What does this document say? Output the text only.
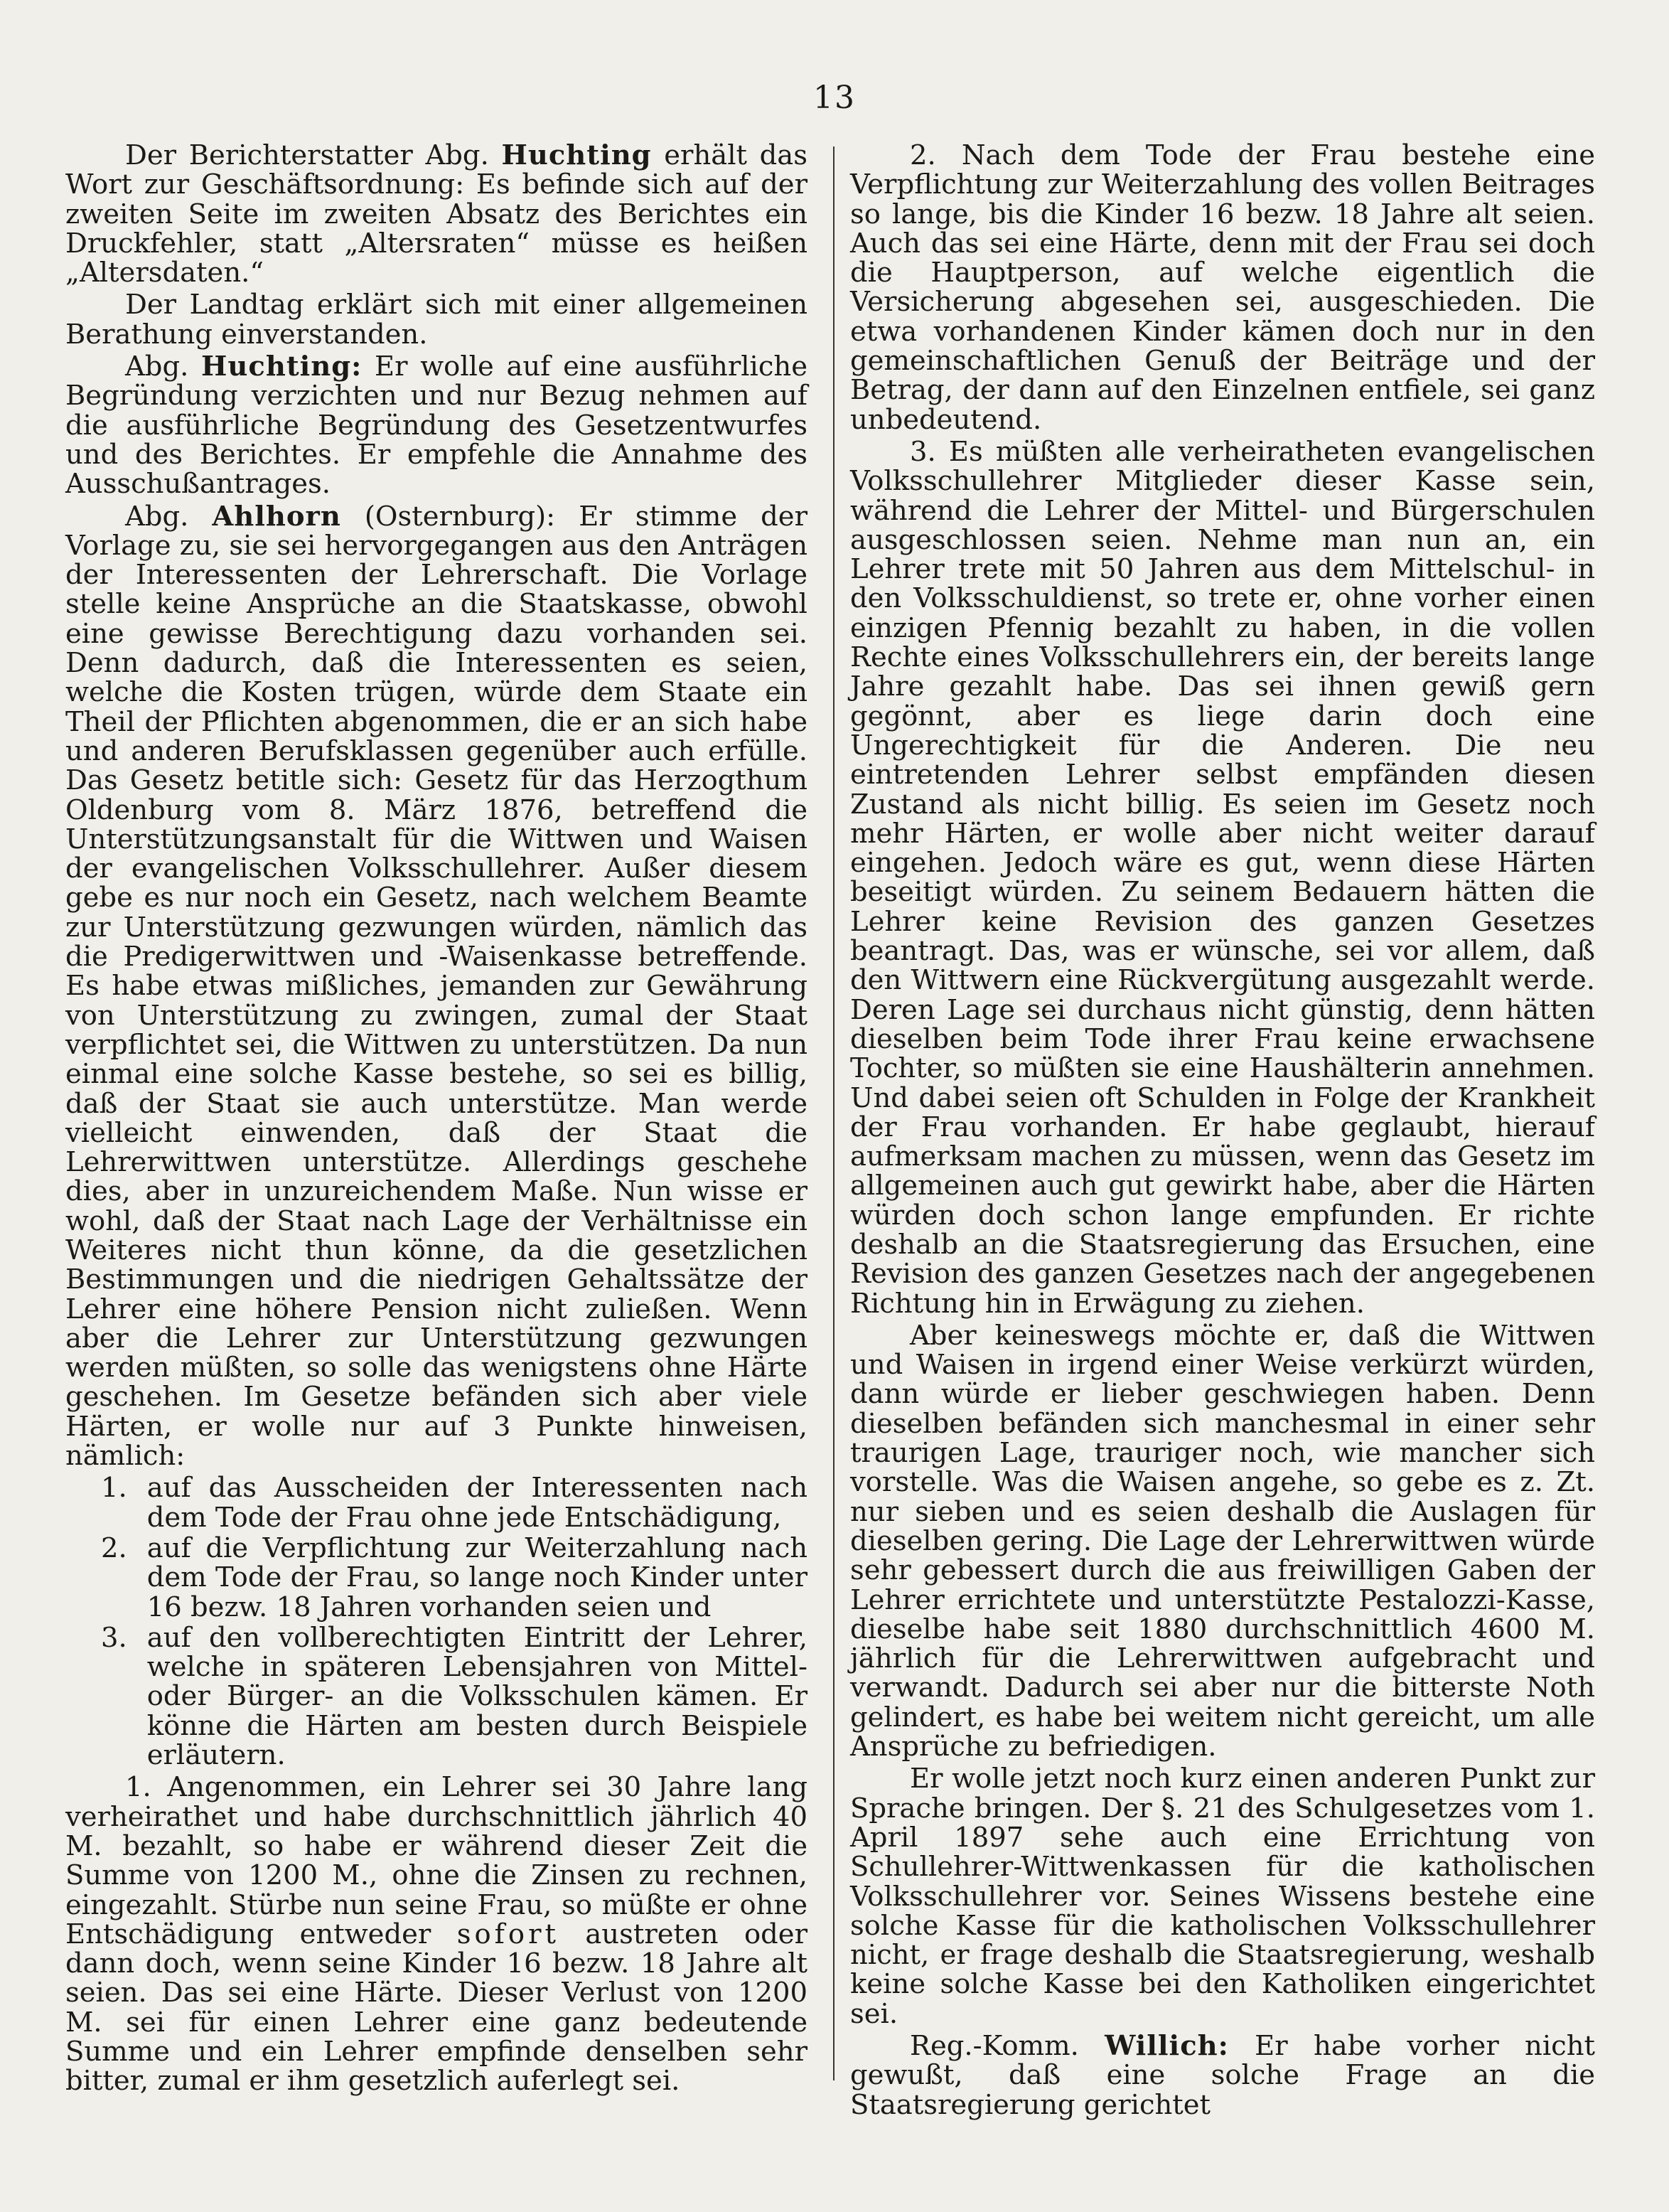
13

Der Berichterstatter Abg. Huchting erhält das Wort zur Geschäftsordnung: Es befinde sich auf der zweiten Seite im zweiten Absatz des Berichtes ein Druckfehler, statt „Altersraten“ müsse es heißen „Altersdaten.“

Der Landtag erklärt sich mit einer allgemeinen Berathung einverstanden.

Abg. Huchting: Er wolle auf eine ausführliche Begründung verzichten und nur Bezug nehmen auf die ausführliche Begründung des Gesetzentwurfes und des Berichtes. Er empfehle die Annahme des Ausschußantrages.

Abg. Ahlhorn (Osternburg): Er stimme der Vorlage zu, sie sei hervorgegangen aus den Anträgen der Interessenten der Lehrerschaft. Die Vorlage stelle keine Ansprüche an die Staatskasse, obwohl eine gewisse Berechtigung dazu vorhanden sei. Denn dadurch, daß die Interessenten es seien, welche die Kosten trügen, würde dem Staate ein Theil der Pflichten abgenommen, die er an sich habe und anderen Berufsklassen gegenüber auch erfülle. Das Gesetz betitle sich: Gesetz für das Herzogthum Oldenburg vom 8. März 1876, betreffend die Unterstützungsanstalt für die Wittwen und Waisen der evangelischen Volksschullehrer. Außer diesem gebe es nur noch ein Gesetz, nach welchem Beamte zur Unterstützung gezwungen würden, nämlich das die Predigerwittwen und -Waisenkasse betreffende. Es habe etwas mißliches, jemanden zur Gewährung von Unterstützung zu zwingen, zumal der Staat verpflichtet sei, die Wittwen zu unterstützen. Da nun einmal eine solche Kasse bestehe, so sei es billig, daß der Staat sie auch unterstütze. Man werde vielleicht einwenden, daß der Staat die Lehrerwittwen unterstütze. Allerdings geschehe dies, aber in unzureichendem Maße. Nun wisse er wohl, daß der Staat nach Lage der Verhältnisse ein Weiteres nicht thun könne, da die gesetzlichen Bestimmungen und die niedrigen Gehaltssätze der Lehrer eine höhere Pension nicht zuließen. Wenn aber die Lehrer zur Unterstützung gezwungen werden müßten, so solle das wenigstens ohne Härte geschehen. Im Gesetze befänden sich aber viele Härten, er wolle nur auf 3 Punkte hinweisen, nämlich:

1. auf das Ausscheiden der Interessenten nach dem Tode der Frau ohne jede Entschädigung,
2. auf die Verpflichtung zur Weiterzahlung nach dem Tode der Frau, so lange noch Kinder unter 16 bezw. 18 Jahren vorhanden seien und
3. auf den vollberechtigten Eintritt der Lehrer, welche in späteren Lebensjahren von Mittel- oder Bürger- an die Volksschulen kämen. Er könne die Härten am besten durch Beispiele erläutern.

1. Angenommen, ein Lehrer sei 30 Jahre lang verheirathet und habe durchschnittlich jährlich 40 M. bezahlt, so habe er während dieser Zeit die Summe von 1200 M., ohne die Zinsen zu rechnen, eingezahlt. Stürbe nun seine Frau, so müßte er ohne Entschädigung entweder sofort austreten oder dann doch, wenn seine Kinder 16 bezw. 18 Jahre alt seien. Das sei eine Härte. Dieser Verlust von 1200 M. sei für einen Lehrer eine ganz bedeutende Summe und ein Lehrer empfinde denselben sehr bitter, zumal er ihm gesetzlich auferlegt sei.

2. Nach dem Tode der Frau bestehe eine Verpflichtung zur Weiterzahlung des vollen Beitrages so lange, bis die Kinder 16 bezw. 18 Jahre alt seien. Auch das sei eine Härte, denn mit der Frau sei doch die Hauptperson, auf welche eigentlich die Versicherung abgesehen sei, ausgeschieden. Die etwa vorhandenen Kinder kämen doch nur in den gemeinschaftlichen Genuß der Beiträge und der Betrag, der dann auf den Einzelnen entfiele, sei ganz unbedeutend.

3. Es müßten alle verheiratheten evangelischen Volksschullehrer Mitglieder dieser Kasse sein, während die Lehrer der Mittel- und Bürgerschulen ausgeschlossen seien. Nehme man nun an, ein Lehrer trete mit 50 Jahren aus dem Mittelschul- in den Volksschuldienst, so trete er, ohne vorher einen einzigen Pfennig bezahlt zu haben, in die vollen Rechte eines Volksschullehrers ein, der bereits lange Jahre gezahlt habe. Das sei ihnen gewiß gern gegönnt, aber es liege darin doch eine Ungerechtigkeit für die Anderen. Die neu eintretenden Lehrer selbst empfänden diesen Zustand als nicht billig. Es seien im Gesetz noch mehr Härten, er wolle aber nicht weiter darauf eingehen. Jedoch wäre es gut, wenn diese Härten beseitigt würden. Zu seinem Bedauern hätten die Lehrer keine Revision des ganzen Gesetzes beantragt. Das, was er wünsche, sei vor allem, daß den Wittwern eine Rückvergütung ausgezahlt werde. Deren Lage sei durchaus nicht günstig, denn hätten dieselben beim Tode ihrer Frau keine erwachsene Tochter, so müßten sie eine Haushälterin annehmen. Und dabei seien oft Schulden in Folge der Krankheit der Frau vorhanden. Er habe geglaubt, hierauf aufmerksam machen zu müssen, wenn das Gesetz im allgemeinen auch gut gewirkt habe, aber die Härten würden doch schon lange empfunden. Er richte deshalb an die Staatsregierung das Ersuchen, eine Revision des ganzen Gesetzes nach der angegebenen Richtung hin in Erwägung zu ziehen.

Aber keineswegs möchte er, daß die Wittwen und Waisen in irgend einer Weise verkürzt würden, dann würde er lieber geschwiegen haben. Denn dieselben befänden sich manchesmal in einer sehr traurigen Lage, trauriger noch, wie mancher sich vorstelle. Was die Waisen angehe, so gebe es z. Zt. nur sieben und es seien deshalb die Auslagen für dieselben gering. Die Lage der Lehrerwittwen würde sehr gebessert durch die aus freiwilligen Gaben der Lehrer errichtete und unterstützte Pestalozzi-Kasse, dieselbe habe seit 1880 durchschnittlich 4600 M. jährlich für die Lehrerwittwen aufgebracht und verwandt. Dadurch sei aber nur die bitterste Noth gelindert, es habe bei weitem nicht gereicht, um alle Ansprüche zu befriedigen.

Er wolle jetzt noch kurz einen anderen Punkt zur Sprache bringen. Der §. 21 des Schulgesetzes vom 1. April 1897 sehe auch eine Errichtung von Schullehrer-Wittwenkassen für die katholischen Volksschullehrer vor. Seines Wissens bestehe eine solche Kasse für die katholischen Volksschullehrer nicht, er frage deshalb die Staatsregierung, weshalb keine solche Kasse bei den Katholiken eingerichtet sei.

Reg.-Komm. Willich: Er habe vorher nicht gewußt, daß eine solche Frage an die Staatsregierung gerichtet
